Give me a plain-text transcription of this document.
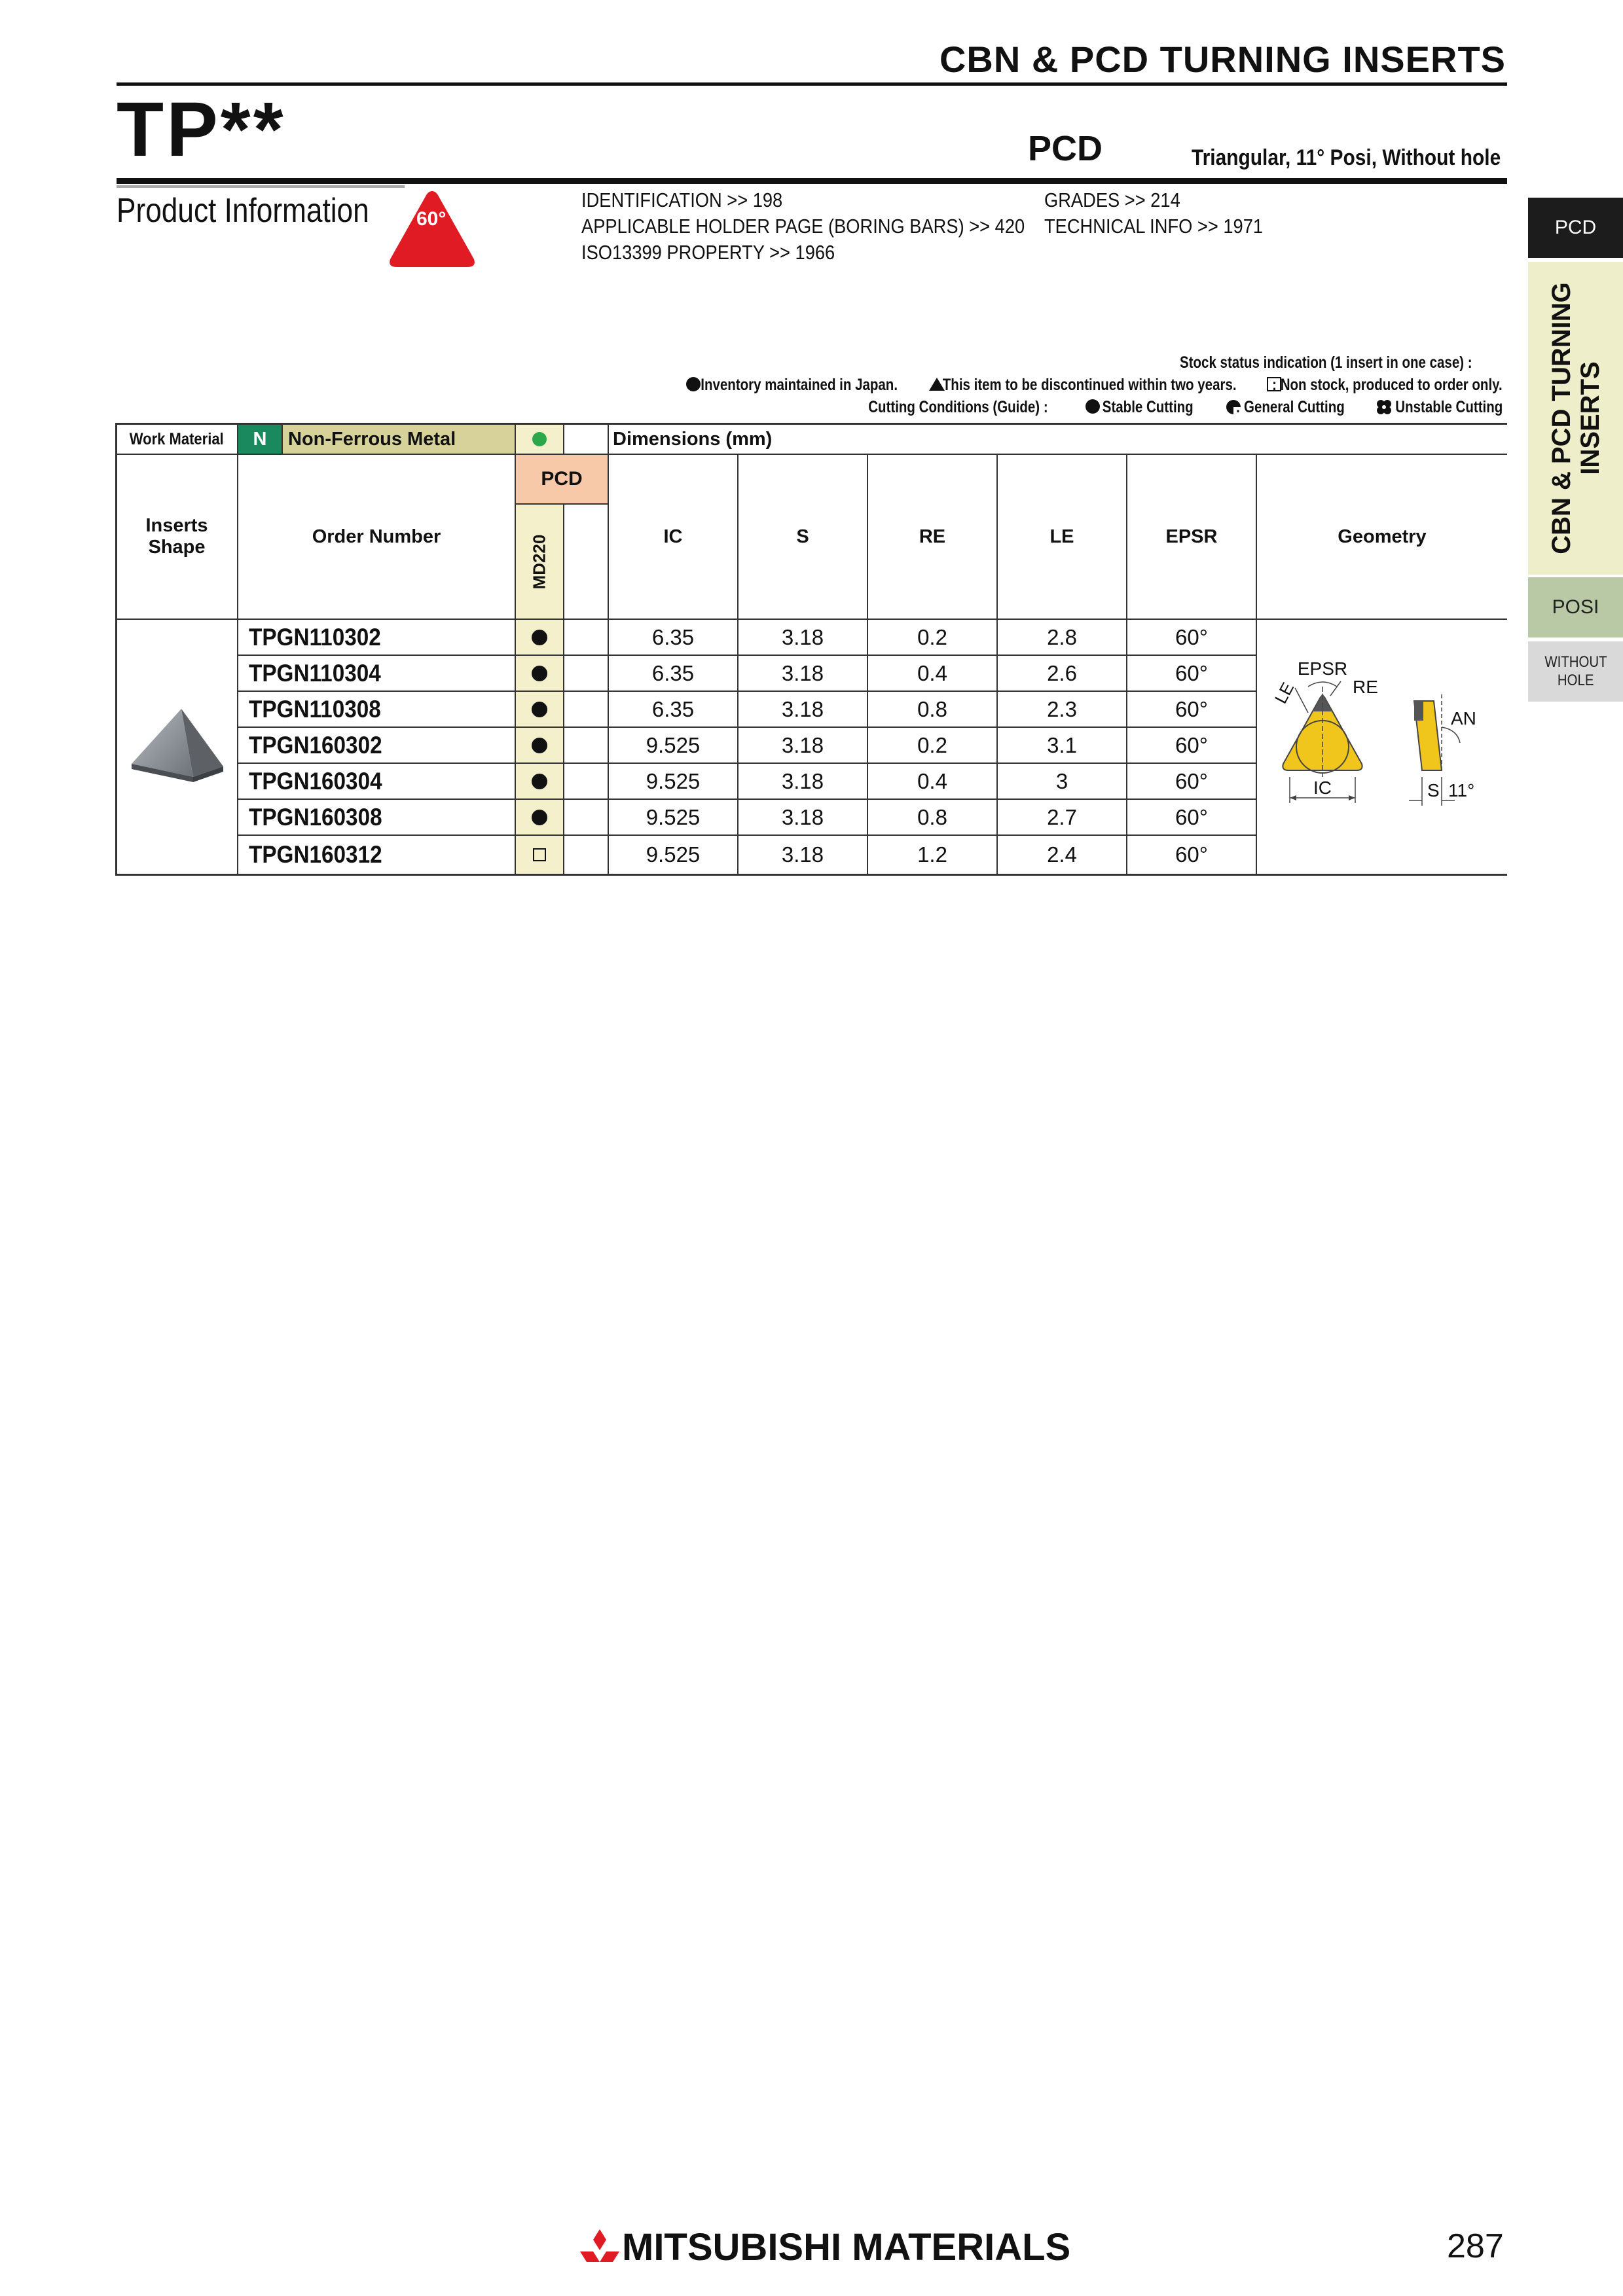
CBN & PCD TURNING INSERTS
TP**	PCD	Triangular, 11° Posi, Without hole
Product Information 60°
IDENTIFICATION >> 198
APPLICABLE HOLDER PAGE (BORING BARS) >> 420
ISO13399 PROPERTY >> 1966
GRADES >> 214
TECHNICAL INFO >> 1971
Stock status indication (1 insert in one case) :
: Inventory maintained in Japan. : This item to be discontinued within two years. : Non stock, produced to order only.
Cutting Conditions (Guide) :	: Stable Cutting	: General Cutting	: Unstable Cutting
Work Material	N	Non-Ferrous Metal	Dimensions (mm)
Inserts Shape
Order Number
PCD
MD220	IC	S	RE	LE	EPSR	Geometry
EPSR
RE
LE
IC
AN
S 11°
TPGN110302	6.35	3.18	0.2	2.8	60°
TPGN110304	6.35	3.18	0.4	2.6	60°
TPGN110308	6.35	3.18	0.8	2.3	60°
TPGN160302	9.525	3.18	0.2	3.1	60°
TPGN160304	9.525	3.18	0.4	3	60°
TPGN160308	9.525	3.18	0.8	2.7	60°
TPGN160312	9.525	3.18	1.2	2.4	60°
PCD
CBN & PCD TURNING INSERTS
POSI
WITHOUT
HOLE
MITSUBISHI MATERIALS	287
